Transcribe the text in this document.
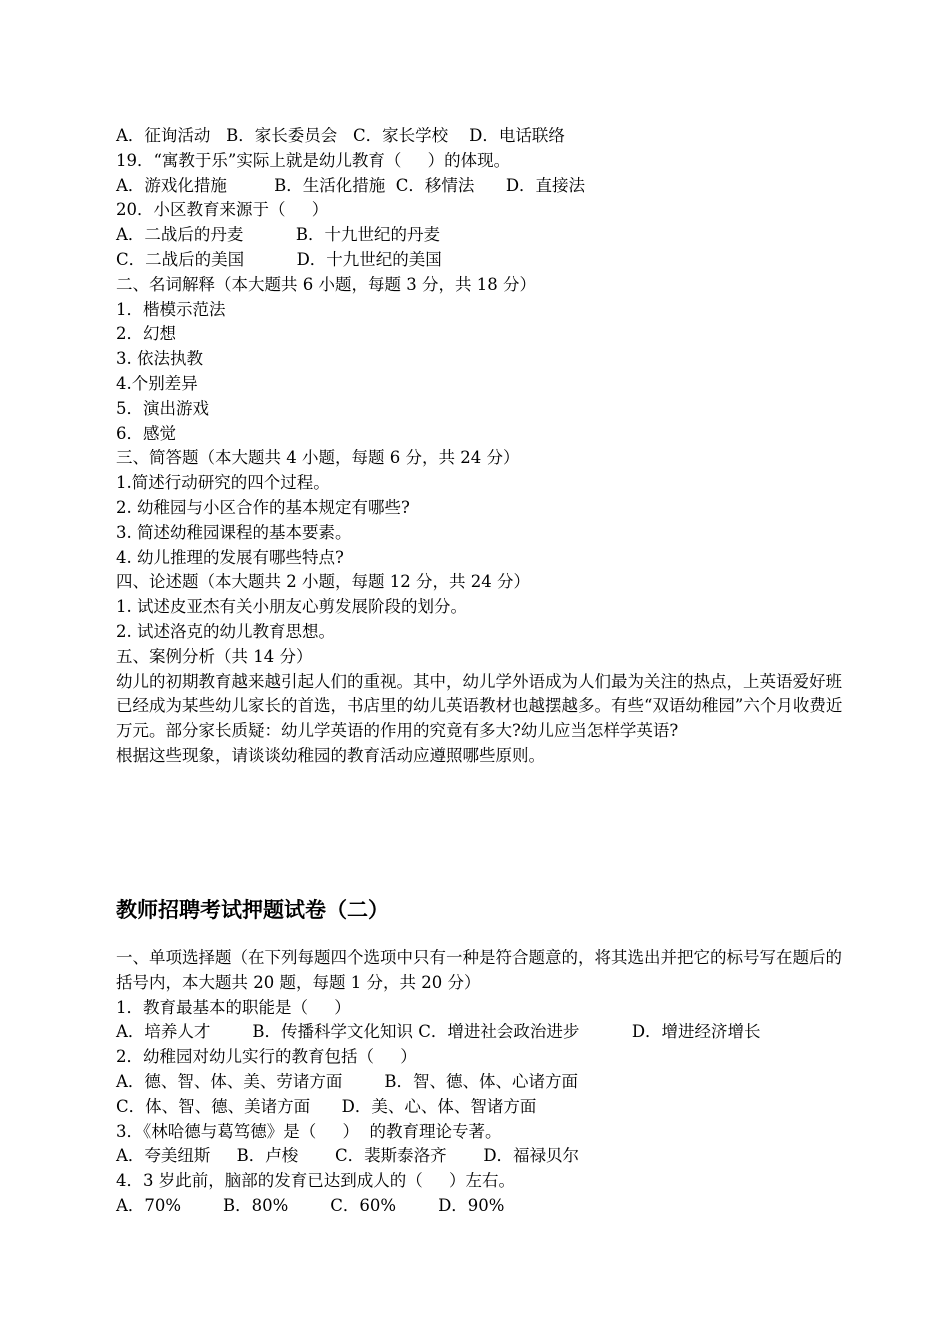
A．征询活动   B．家长委员会   C．家长学校    D．电话联络

19．“寓教于乐”实际上就是幼儿教育（     ）的体现。

A．游戏化措施         B．生活化措施  C．移情法      D．直接法

20．小区教育来源于（     ）

A．二战后的丹麦          B．十九世纪的丹麦

C．二战后的美国          D．十九世纪的美国

二、名词解释（本大题共 6 小题，每题 3 分，共 18 分）

1．楷模示范法

2．幻想

3. 依法执教

4.个别差异

5．演出游戏

6．感觉

三、简答题（本大题共 4 小题，每题 6 分，共 24 分）

1.简述行动研究的四个过程。

2. 幼稚园与小区合作的基本规定有哪些?

3. 简述幼稚园课程的基本要素。

4. 幼儿推理的发展有哪些特点?

四、论述题（本大题共 2 小题，每题 12 分，共 24 分）

1. 试述皮亚杰有关小朋友心剪发展阶段的划分。

2. 试述洛克的幼儿教育思想。

五、案例分析（共 14 分）

幼儿的初期教育越来越引起人们的重视。其中，幼儿学外语成为人们最为关注的热点，上英语爱好班已经成为某些幼儿家长的首选，书店里的幼儿英语教材也越摆越多。有些“双语幼稚园”六个月收费近万元。部分家长质疑：幼儿学英语的作用的究竟有多大?幼儿应当怎样学英语?

根据这些现象，请谈谈幼稚园的教育活动应遵照哪些原则。

教师招聘考试押题试卷（二）

一、单项选择题（在下列每题四个选项中只有一种是符合题意的，将其选出并把它的标号写在题后的括号内，本大题共 20 题，每题 1 分，共 20 分）

1．教育最基本的职能是（     ）

A．培养人才        B．传播科学文化知识 C．增进社会政治进步          D．增进经济增长

2．幼稚园对幼儿实行的教育包括（     ）

A．德、智、体、美、劳诸方面        B．智、德、体、心诸方面

C．体、智、德、美诸方面      D．美、心、体、智诸方面

3．《林哈德与葛笃德》是（     ）  的教育理论专著。

A．夸美纽斯     B．卢梭       C．裴斯泰洛齐       D．福禄贝尔

4．3 岁此前，脑部的发育已达到成人的（     ）左右。

A．70%        B．80%        C．60%        D．90%
